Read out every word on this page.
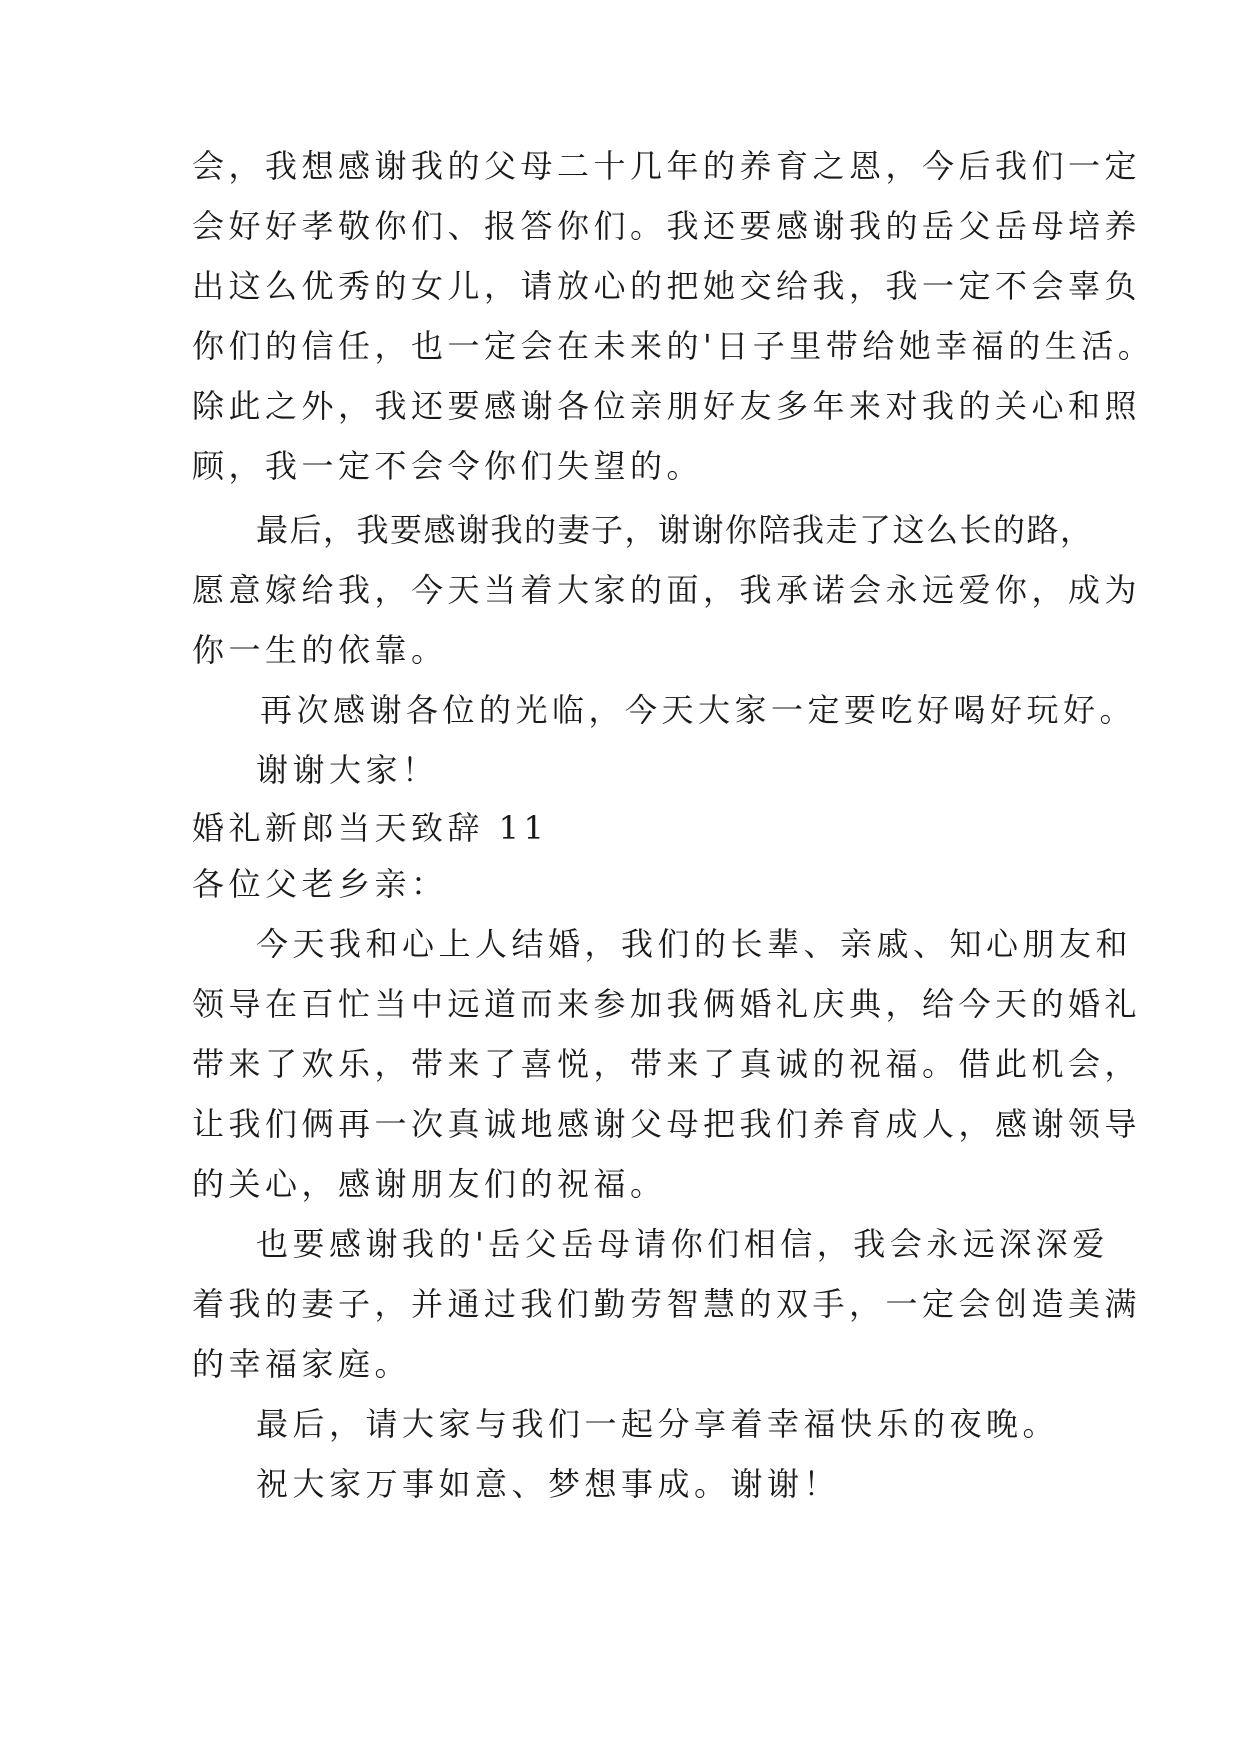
会，我想感谢我的父母二十几年的养育之恩，今后我们一定
会好好孝敬你们、报答你们。我还要感谢我的岳父岳母培养
出这么优秀的女儿，请放心的把她交给我，我一定不会辜负
你们的信任，也一定会在未来的'日子里带给她幸福的生活。
除此之外，我还要感谢各位亲朋好友多年来对我的关心和照
顾，我一定不会令你们失望的。
最后，我要感谢我的妻子，谢谢你陪我走了这么长的路，
愿意嫁给我，今天当着大家的面，我承诺会永远爱你，成为
你一生的依靠。
再次感谢各位的光临，今天大家一定要吃好喝好玩好。
谢谢大家！
婚礼新郎当天致辞 11
各位父老乡亲：
今天我和心上人结婚，我们的长辈、亲戚、知心朋友和
领导在百忙当中远道而来参加我俩婚礼庆典，给今天的婚礼
带来了欢乐，带来了喜悦，带来了真诚的祝福。借此机会，
让我们俩再一次真诚地感谢父母把我们养育成人，感谢领导
的关心，感谢朋友们的祝福。
也要感谢我的'岳父岳母请你们相信，我会永远深深爱
着我的妻子，并通过我们勤劳智慧的双手，一定会创造美满
的幸福家庭。
最后，请大家与我们一起分享着幸福快乐的夜晚。
祝大家万事如意、梦想事成。谢谢！
